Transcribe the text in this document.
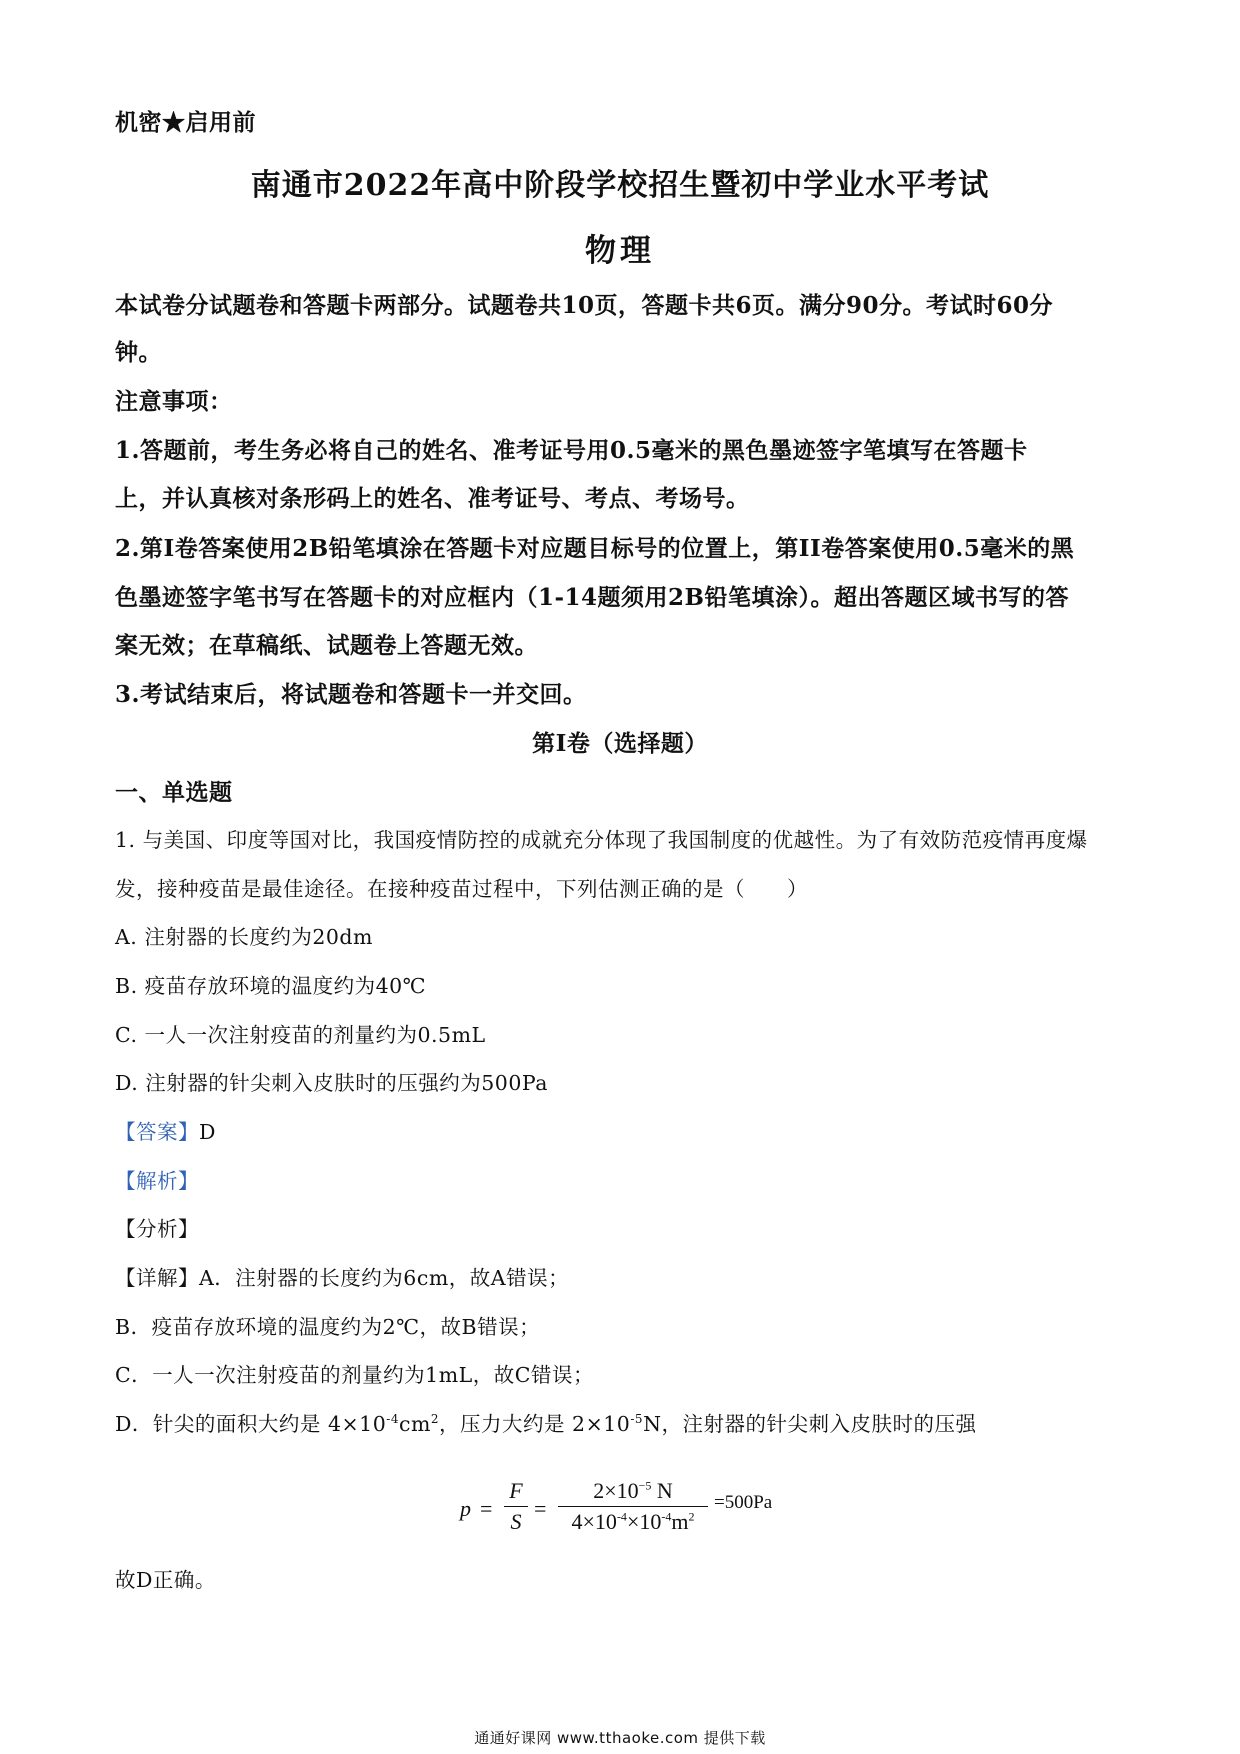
机密★启用前
南通市2022年高中阶段学校招生暨初中学业水平考试
物理
本试卷分试题卷和答题卡两部分。试题卷共10页，答题卡共6页。满分90分。考试时60分
钟。
注意事项：
1.答题前，考生务必将自己的姓名、准考证号用0.5毫米的黑色墨迹签字笔填写在答题卡
上，并认真核对条形码上的姓名、准考证号、考点、考场号。
2.第I卷答案使用2B铅笔填涂在答题卡对应题目标号的位置上，第II卷答案使用0.5毫米的黑
色墨迹签字笔书写在答题卡的对应框内（1-14题须用2B铅笔填涂）。超出答题区域书写的答
案无效；在草稿纸、试题卷上答题无效。
3.考试结束后，将试题卷和答题卡一并交回。
第I卷（选择题）
一、单选题
1. 与美国、印度等国对比，我国疫情防控的成就充分体现了我国制度的优越性。为了有效防范疫情再度爆
发，接种疫苗是最佳途径。在接种疫苗过程中，下列估测正确的是（　　）
A. 注射器的长度约为20dm
B. 疫苗存放环境的温度约为40℃
C. 一人一次注射疫苗的剂量约为0.5mL
D. 注射器的针尖刺入皮肤时的压强约为500Pa
【答案】D
【解析】
【分析】
【详解】A．注射器的长度约为6cm，故A错误；
B．疫苗存放环境的温度约为2℃，故B错误；
C．一人一次注射疫苗的剂量约为1mL，故C错误；
D．针尖的面积大约是 $4\times 10^{-4}cm^2$，压力大约是 $2\times 10^{-5}N$，注射器的针尖刺入皮肤时的压强
p =
F
S
=
$2\times 10^{-5}$ N
$4\times 10^{-4}\times 10^{-4}m^2$
=500Pa
故D正确。
通通好课网 www.tthaoke.com 提供下载
